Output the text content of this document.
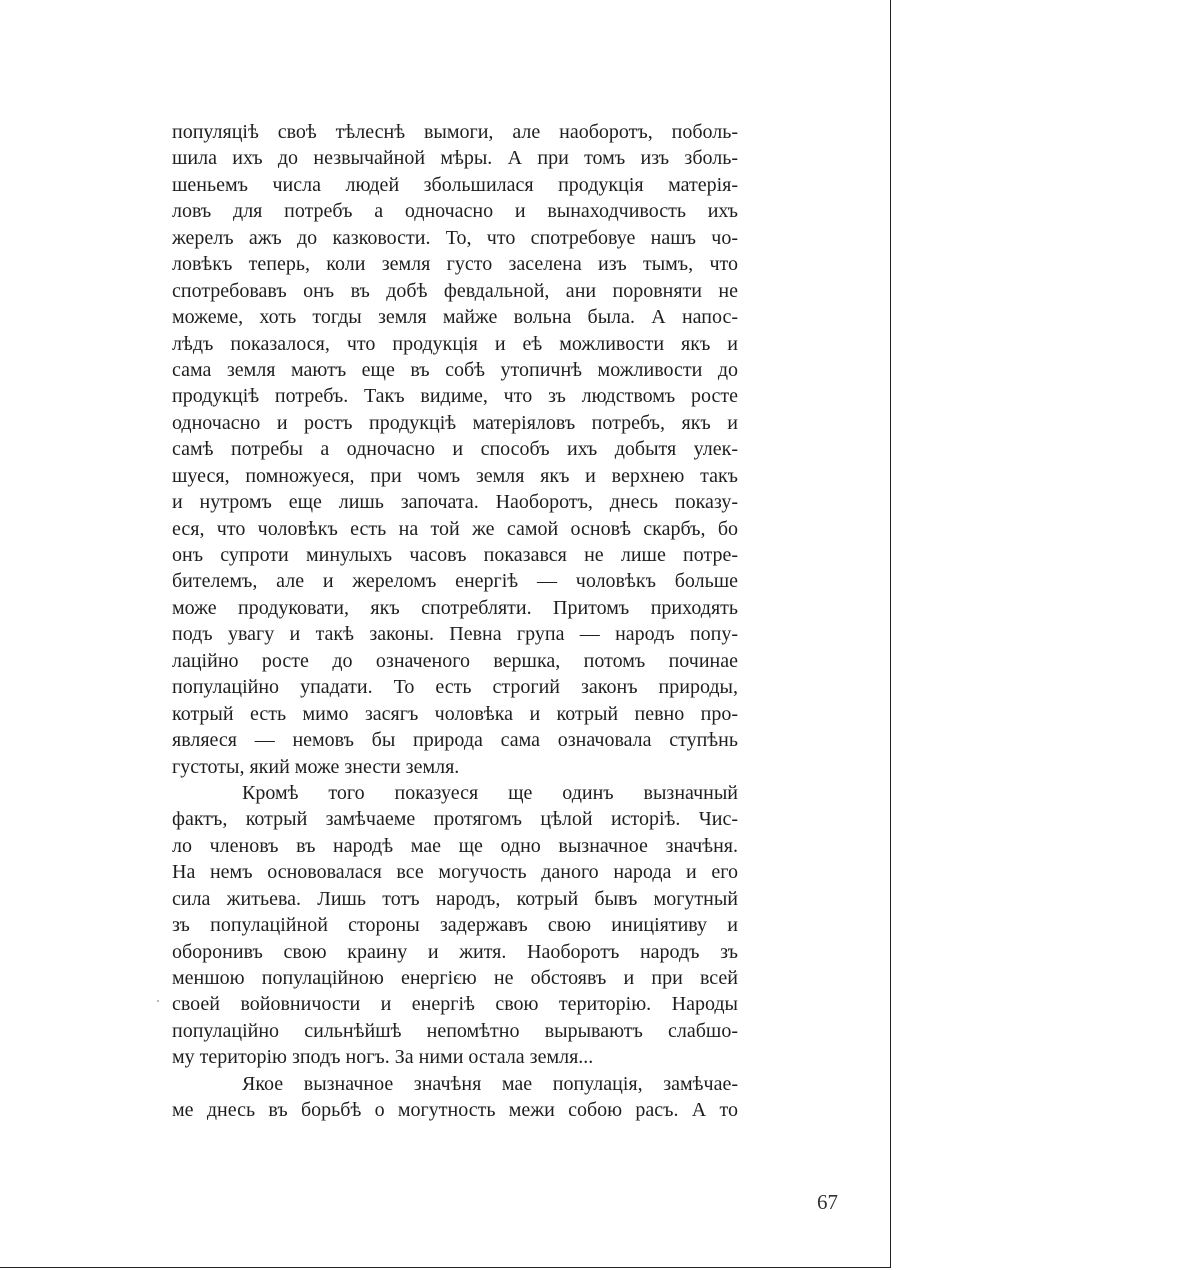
популяціѣ своѣ тѣлеснѣ вымоги, але наоборотъ, поболь-
шила ихъ до незвычайной мѣры. А при томъ изъ зболь-
шеньемъ числа людей збольшилася продукція матерія-
ловъ для потребъ а одночасно и вынаходчивость ихъ
жерелъ ажъ до казковости. То, что спотребовуе нашъ чо-
ловѣкъ теперь, коли земля густо заселена изъ тымъ, что
спотребовавъ онъ въ добѣ февдальной, ани поровняти не
можеме, хоть тогды земля майже вольна была. А напос-
лѣдъ показалося, что продукція и еѣ можливости якъ и
сама земля маютъ еще въ собѣ утопичнѣ можливости до
продукціѣ потребъ. Такъ видиме, что зъ людствомъ росте
одночасно и ростъ продукціѣ матеріяловъ потребъ, якъ и
самѣ потребы а одночасно и способъ ихъ добытя улек-
шуеся, помножуеся, при чомъ земля якъ и верхнею такъ
и нутромъ еще лишь започата. Наоборотъ, днесь показу-
еся, что чоловѣкъ есть на той же самой основѣ скарбъ, бо
онъ супроти минулыхъ часовъ показався не лише потре-
бителемъ, але и жереломъ енергіѣ — чоловѣкъ больше
може продуковати, якъ спотребляти. Притомъ приходять
подъ увагу и такѣ законы. Певна група — народъ попу-
лаційно росте до означеного вершка, потомъ починае
популаційно упадати. То есть строгий законъ природы,
котрый есть мимо засягъ чоловѣка и котрый певно про-
являеся — немовъ бы природа сама означовала ступѣнь
густоты, який може знести земля.
Кромѣ того показуеся ще одинъ вызначный
фактъ, котрый замѣчаеме протягомъ цѣлой исторіѣ. Чис-
ло членовъ въ народѣ мае ще одно вызначное значѣня.
На немъ основовалася все могучость даного народа и его
сила житьева. Лишь тотъ народъ, котрый бывъ могутный
зъ популаційной стороны задержавъ свою иницiятиву и
оборонивъ свою краину и житя. Наоборотъ народъ зъ
меншою популаційною енергією не обстоявъ и при всей
своей войовничости и енергіѣ свою територію. Народы
популаційно сильнѣйшѣ непомѣтно вырываютъ слабшо-
му територію зподъ ногъ. За ними остала земля...
Якое вызначное значѣня мае популація, замѣчае-
ме днесь въ борьбѣ о могутность межи собою расъ. А то
67
